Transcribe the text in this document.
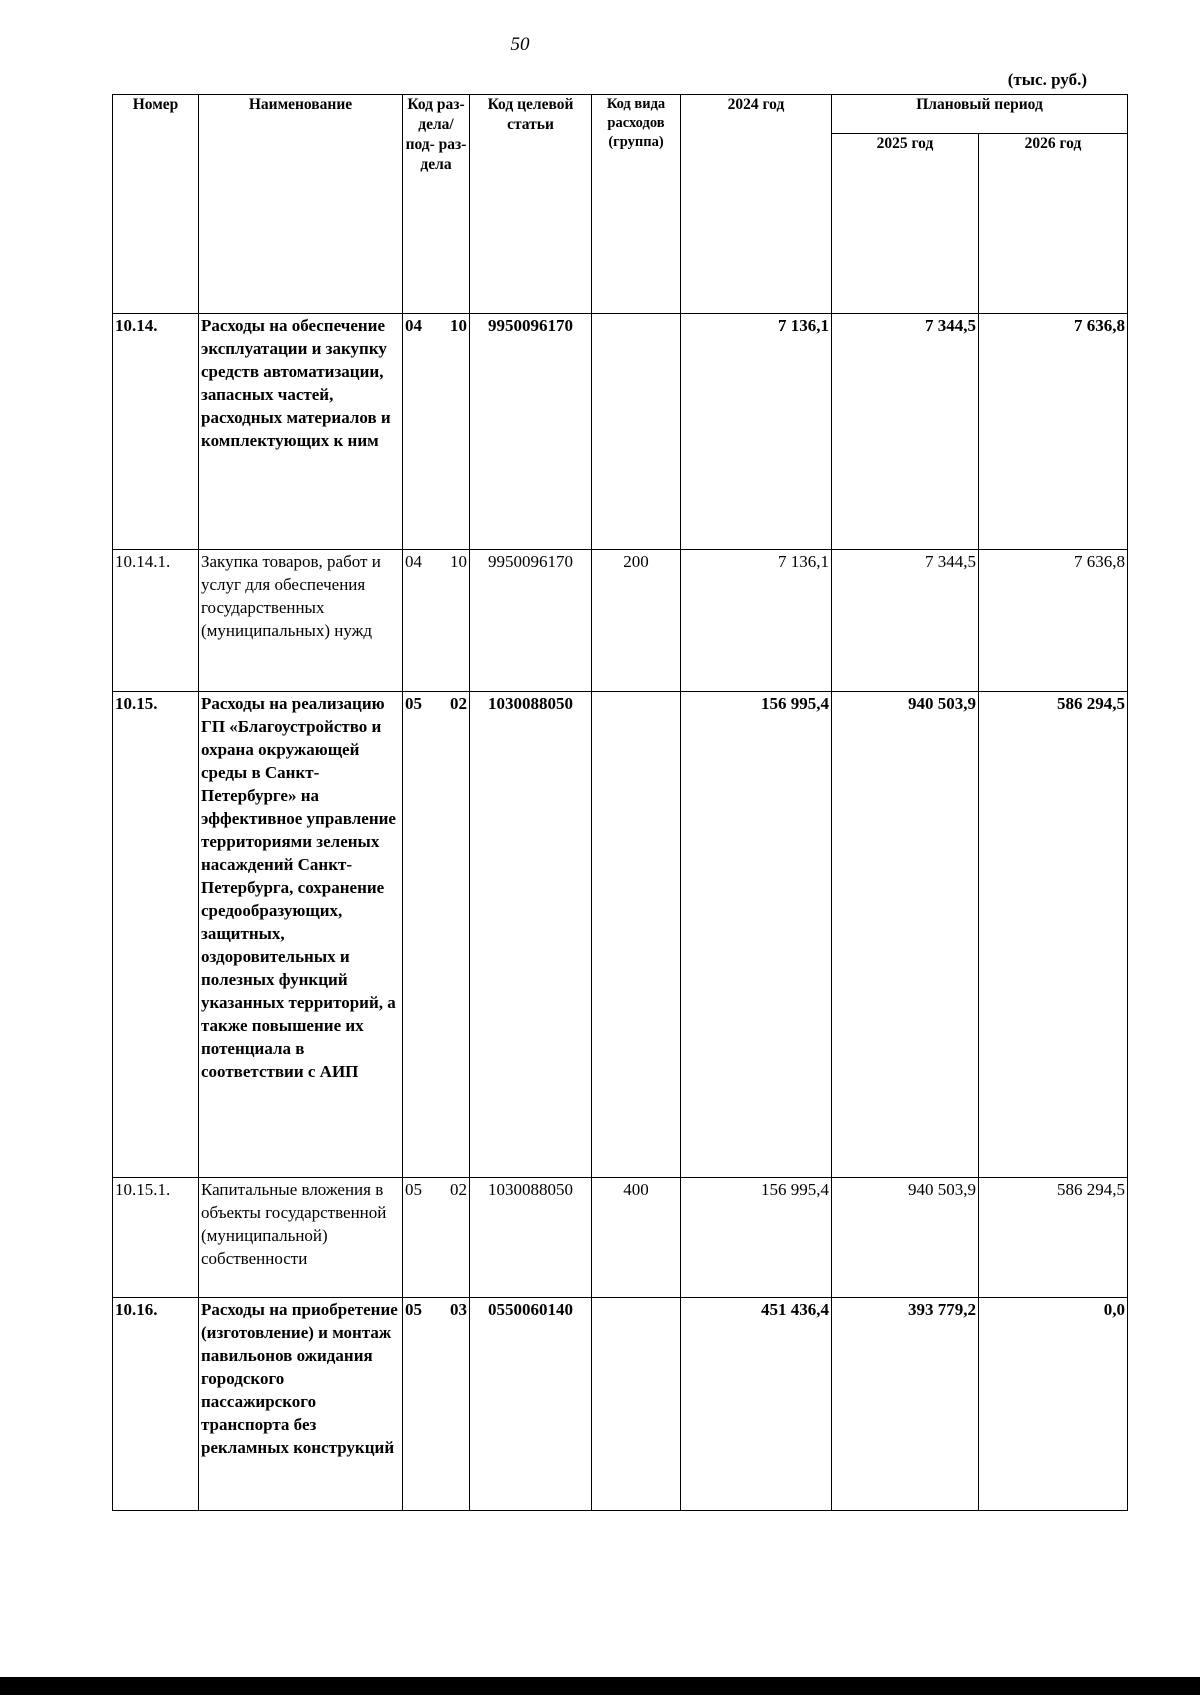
50
(тыс. руб.)
Номер	Наименование	Код раз- дела/ под- раз- дела	Код целевой статьи	Код вида расходов (группа)	2024 год	Плановый период	
						2025 год	2026 год
10.14.	Расходы на обеспечение эксплуатации и закупку средств автоматизации, запасных частей, расходных материалов и комплектующих к ним	04 10	9950096170		7 136,1	7 344,5	7 636,8
10.14.1.	Закупка товаров, работ и услуг для обеспечения государственных (муниципальных) нужд	04 10	9950096170	200	7 136,1	7 344,5	7 636,8
10.15.	Расходы на реализацию ГП «Благоустройство и охрана окружающей среды в Санкт-Петербурге» на эффективное управление территориями зеленых насаждений Санкт-Петербурга, сохранение средообразующих, защитных, оздоровительных и полезных функций указанных территорий, а также повышение их потенциала в соответствии с АИП	05 02	1030088050		156 995,4	940 503,9	586 294,5
10.15.1.	Капитальные вложения в объекты государственной (муниципальной) собственности	05 02	1030088050	400	156 995,4	940 503,9	586 294,5
10.16.	Расходы на приобретение (изготовление) и монтаж павильонов ожидания городского пассажирского транспорта без рекламных конструкций	05 03	0550060140		451 436,4	393 779,2	0,0
